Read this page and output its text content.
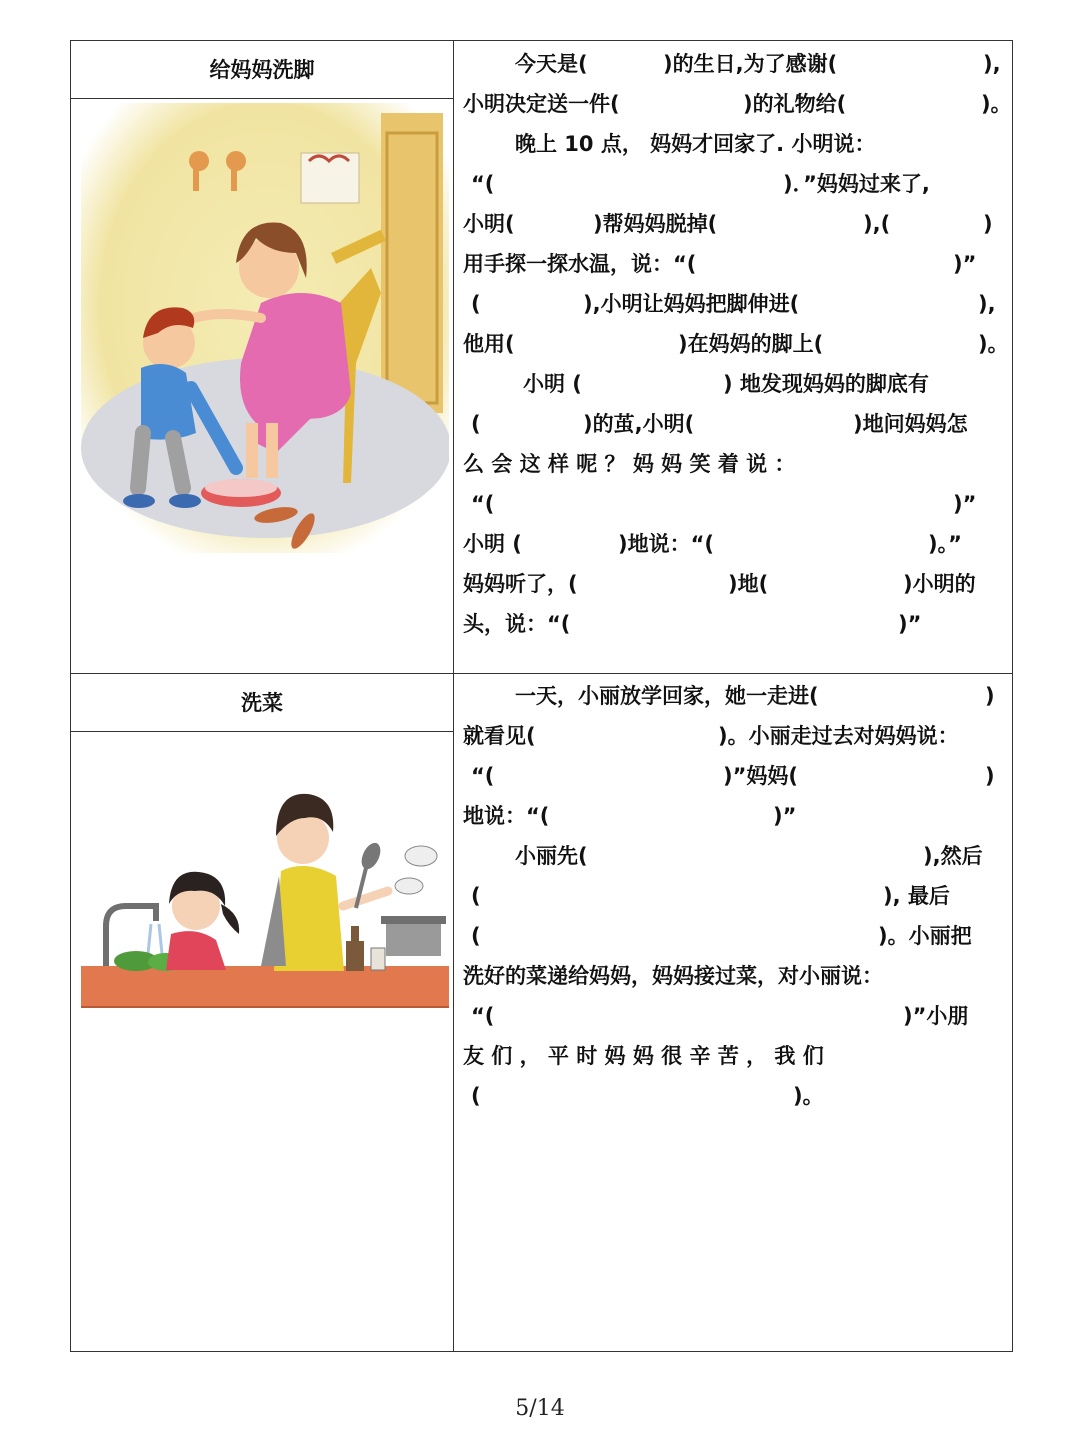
给妈妈洗脚
洗菜
今天是(	)的生日,为了感谢(	),
小明决定送一件(	)的礼物给(	)。
晚上 10 点， 妈妈才回家了. 小明说：
“(	)．”妈妈过来了,
小明(	)帮妈妈脱掉(	),(	)
用手探一探水温，说：“(	)”
(	),小明让妈妈把脚伸进(	),
他用(	)在妈妈的脚上(	)。
小明 (	) 地发现妈妈的脚底有
(	)的茧,小明(	)地问妈妈怎
么 会 这 样 呢 ？ 妈 妈 笑 着 说 ：
“(	)”
小明 (	)地说：“(	)。”
妈妈听了，(	)地(	)小明的
头，说：“(	)”
一天，小丽放学回家，她一走进(	)
就看见(	)。小丽走过去对妈妈说：
“(	)”妈妈(	)
地说：“(	)”
小丽先(	),然后
(	), 最后
(	)。小丽把
洗好的菜递给妈妈，妈妈接过菜，对小丽说：
“(	)”小朋
友 们 ， 平 时 妈 妈 很 辛 苦 ， 我 们
(	)。
5/14
